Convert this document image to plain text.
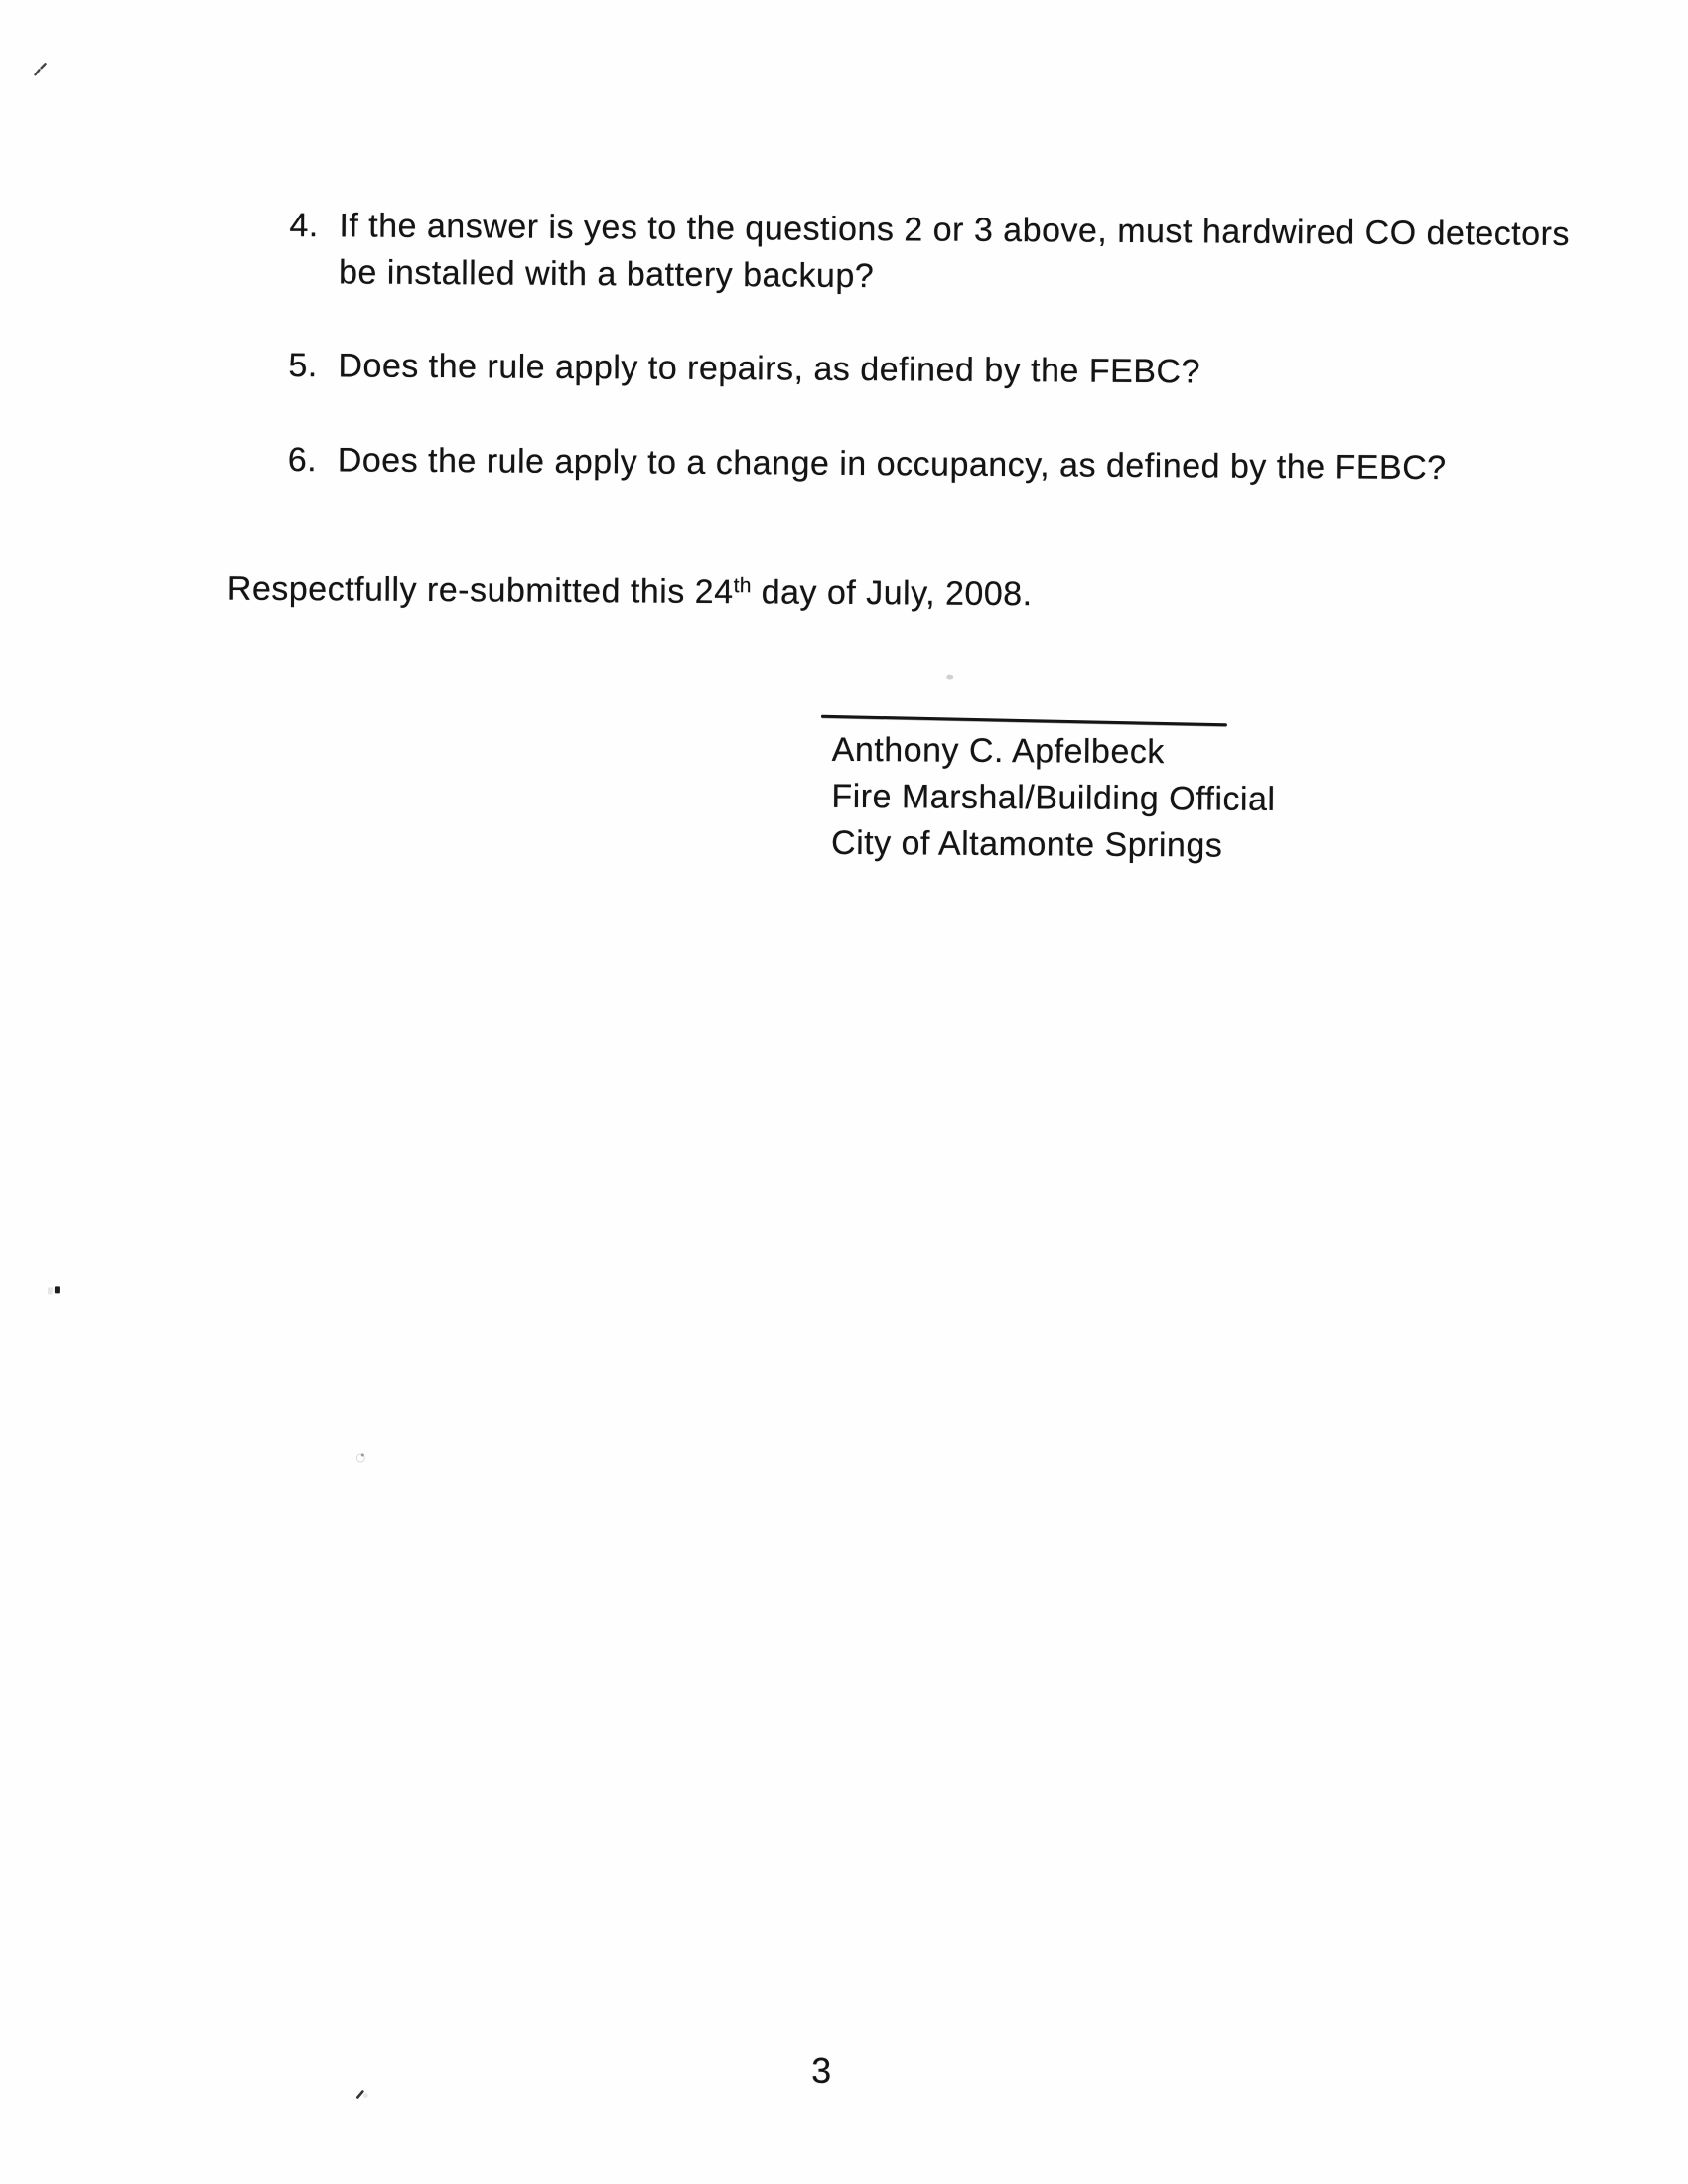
4. If the answer is yes to the questions 2 or 3 above, must hardwired CO detectors be installed with a battery backup?
5. Does the rule apply to repairs, as defined by the FEBC?
6. Does the rule apply to a change in occupancy, as defined by the FEBC?

Respectfully re-submitted this 24th day of July, 2008.

Anthony C. Apfelbeck
Fire Marshal/Building Official
City of Altamonte Springs
3
